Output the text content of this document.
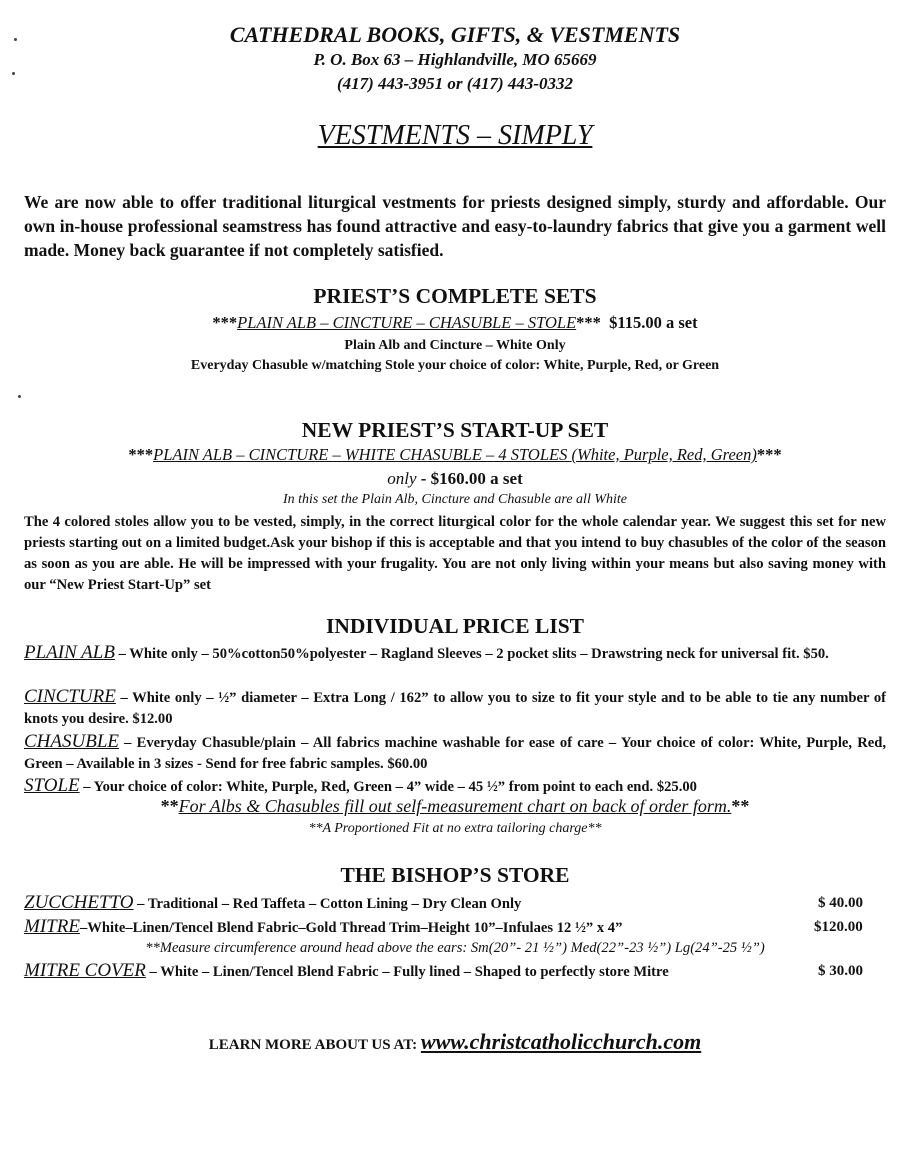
CATHEDRAL BOOKS, GIFTS, & VESTMENTS
P. O. Box 63 – Highlandville, MO 65669
(417) 443-3951 or (417) 443-0332
VESTMENTS – SIMPLY
We are now able to offer traditional liturgical vestments for priests designed simply, sturdy and affordable. Our own in-house professional seamstress has found attractive and easy-to-laundry fabrics that give you a garment well made. Money back guarantee if not completely satisfied.
PRIEST’S COMPLETE SETS
***PLAIN ALB – CINCTURE – CHASUBLE – STOLE*** $115.00 a set
Plain Alb and Cincture – White Only
Everyday Chasuble w/matching Stole your choice of color: White, Purple, Red, or Green
NEW PRIEST’S START-UP SET
***PLAIN ALB – CINCTURE – WHITE CHASUBLE – 4 STOLES (White, Purple, Red, Green)***
only - $160.00 a set
In this set the Plain Alb, Cincture and Chasuble are all White
The 4 colored stoles allow you to be vested, simply, in the correct liturgical color for the whole calendar year. We suggest this set for new priests starting out on a limited budget.Ask your bishop if this is acceptable and that you intend to buy chasubles of the color of the season as soon as you are able. He will be impressed with your frugality. You are not only living within your means but also saving money with our “New Priest Start-Up” set
INDIVIDUAL PRICE LIST
PLAIN ALB – White only – 50%cotton50%polyester – Ragland Sleeves – 2 pocket slits – Drawstring neck for universal fit. $50.
CINCTURE – White only – ½” diameter – Extra Long / 162” to allow you to size to fit your style and to be able to tie any number of knots you desire. $12.00
CHASUBLE – Everyday Chasuble/plain – All fabrics machine washable for ease of care – Your choice of color: White, Purple, Red, Green – Available in 3 sizes - Send for free fabric samples. $60.00
STOLE – Your choice of color: White, Purple, Red, Green – 4” wide – 45 ½” from point to each end. $25.00
**For Albs & Chasubles fill out self-measurement chart on back of order form.**
**A Proportioned Fit at no extra tailoring charge**
THE BISHOP’S STORE
ZUCCHETTO – Traditional – Red Taffeta – Cotton Lining – Dry Clean Only	$ 40.00
MITRE–White–Linen/Tencel Blend Fabric–Gold Thread Trim–Height 10”–Infulaes 12 ½” x 4”	$120.00
**Measure circumference around head above the ears: Sm(20”- 21 ½”) Med(22”-23 ½”) Lg(24”-25 ½”)
MITRE COVER – White – Linen/Tencel Blend Fabric – Fully lined – Shaped to perfectly store Mitre	$ 30.00
LEARN MORE ABOUT US AT: www.christcatholicchurch.com
